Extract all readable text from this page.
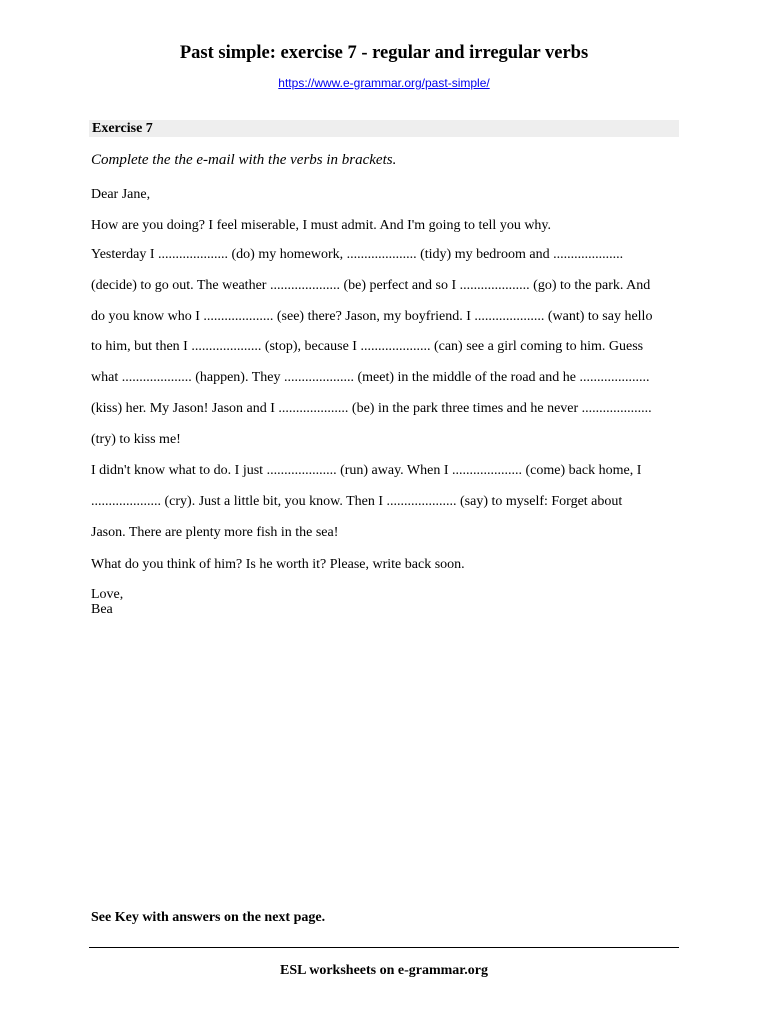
Past simple: exercise 7 - regular and irregular verbs
https://www.e-grammar.org/past-simple/
Exercise 7

Complete the the e-mail with the verbs in brackets.

Dear Jane,

How are you doing? I feel miserable, I must admit. And I'm going to tell you why.

Yesterday I .................... (do) my homework, .................... (tidy) my bedroom and ....................
(decide) to go out. The weather .................... (be) perfect and so I .................... (go) to the park. And
do you know who I .................... (see) there? Jason, my boyfriend. I .................... (want) to say hello
to him, but then I .................... (stop), because I .................... (can) see a girl coming to him. Guess
what .................... (happen). They .................... (meet) in the middle of the road and he ....................
(kiss) her. My Jason! Jason and I .................... (be) in the park three times and he never ....................
(try) to kiss me!
I didn't know what to do. I just .................... (run) away. When I .................... (come) back home, I
.................... (cry). Just a little bit, you know. Then I .................... (say) to myself: Forget about
Jason. There are plenty more fish in the sea!

What do you think of him? Is he worth it? Please, write back soon.

Love,

Bea

See Key with answers on the next page.
ESL worksheets on e-grammar.org
